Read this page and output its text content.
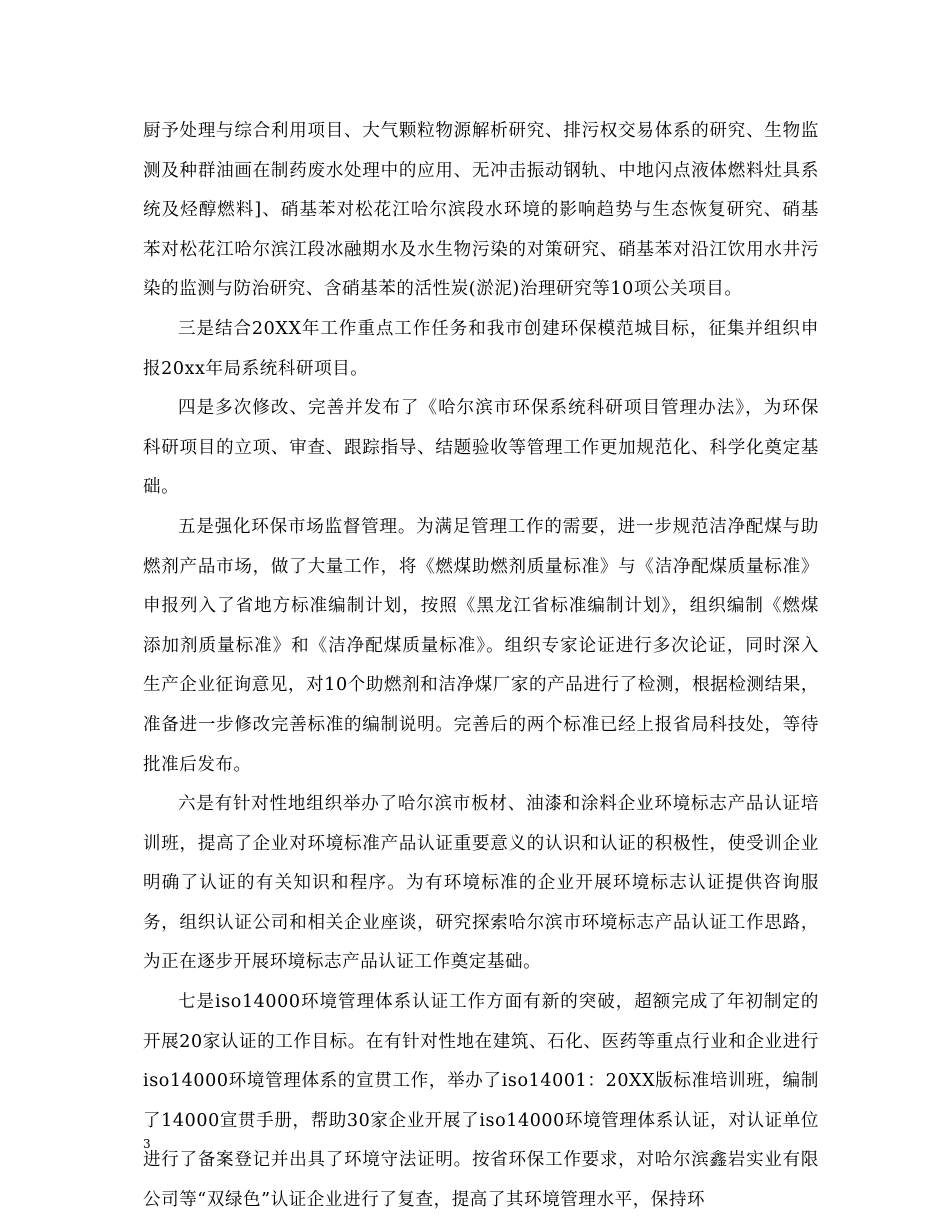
厨予处理与综合利用项目、大气颗粒物源解析研究、排污权交易体系的研究、生物监测及种群油画在制药废水处理中的应用、无冲击振动钢轨、中地闪点液体燃料灶具系统及烃醇燃料]、硝基苯对松花江哈尔滨段水环境的影响趋势与生态恢复研究、硝基苯对松花江哈尔滨江段冰融期水及水生物污染的对策研究、硝基苯对沿江饮用水井污染的监测与防治研究、含硝基苯的活性炭(淤泥)治理研究等10项公关项目。

三是结合20XX年工作重点工作任务和我市创建环保模范城目标，征集并组织申报20xx年局系统科研项目。

四是多次修改、完善并发布了《哈尔滨市环保系统科研项目管理办法》，为环保科研项目的立项、审查、跟踪指导、结题验收等管理工作更加规范化、科学化奠定基础。

五是强化环保市场监督管理。为满足管理工作的需要，进一步规范洁净配煤与助燃剂产品市场，做了大量工作，将《燃煤助燃剂质量标准》与《洁净配煤质量标准》申报列入了省地方标准编制计划，按照《黑龙江省标准编制计划》，组织编制《燃煤添加剂质量标准》和《洁净配煤质量标准》。组织专家论证进行多次论证，同时深入生产企业征询意见，对10个助燃剂和洁净煤厂家的产品进行了检测，根据检测结果，准备进一步修改完善标准的编制说明。完善后的两个标准已经上报省局科技处，等待批准后发布。

六是有针对性地组织举办了哈尔滨市板材、油漆和涂料企业环境标志产品认证培训班，提高了企业对环境标准产品认证重要意义的认识和认证的积极性，使受训企业明确了认证的有关知识和程序。为有环境标准的企业开展环境标志认证提供咨询服务，组织认证公司和相关企业座谈，研究探索哈尔滨市环境标志产品认证工作思路，为正在逐步开展环境标志产品认证工作奠定基础。

七是iso14000环境管理体系认证工作方面有新的突破，超额完成了年初制定的开展20家认证的工作目标。在有针对性地在建筑、石化、医药等重点行业和企业进行iso14000环境管理体系的宣贯工作，举办了iso14001：20XX版标准培训班，编制了14000宣贯手册，帮助30家企业开展了iso14000环境管理体系认证，对认证单位进行了备案登记并出具了环境守法证明。按省环保工作要求，对哈尔滨鑫岩实业有限公司等“双绿色”认证企业进行了复查，提高了其环境管理水平，保持环

3
